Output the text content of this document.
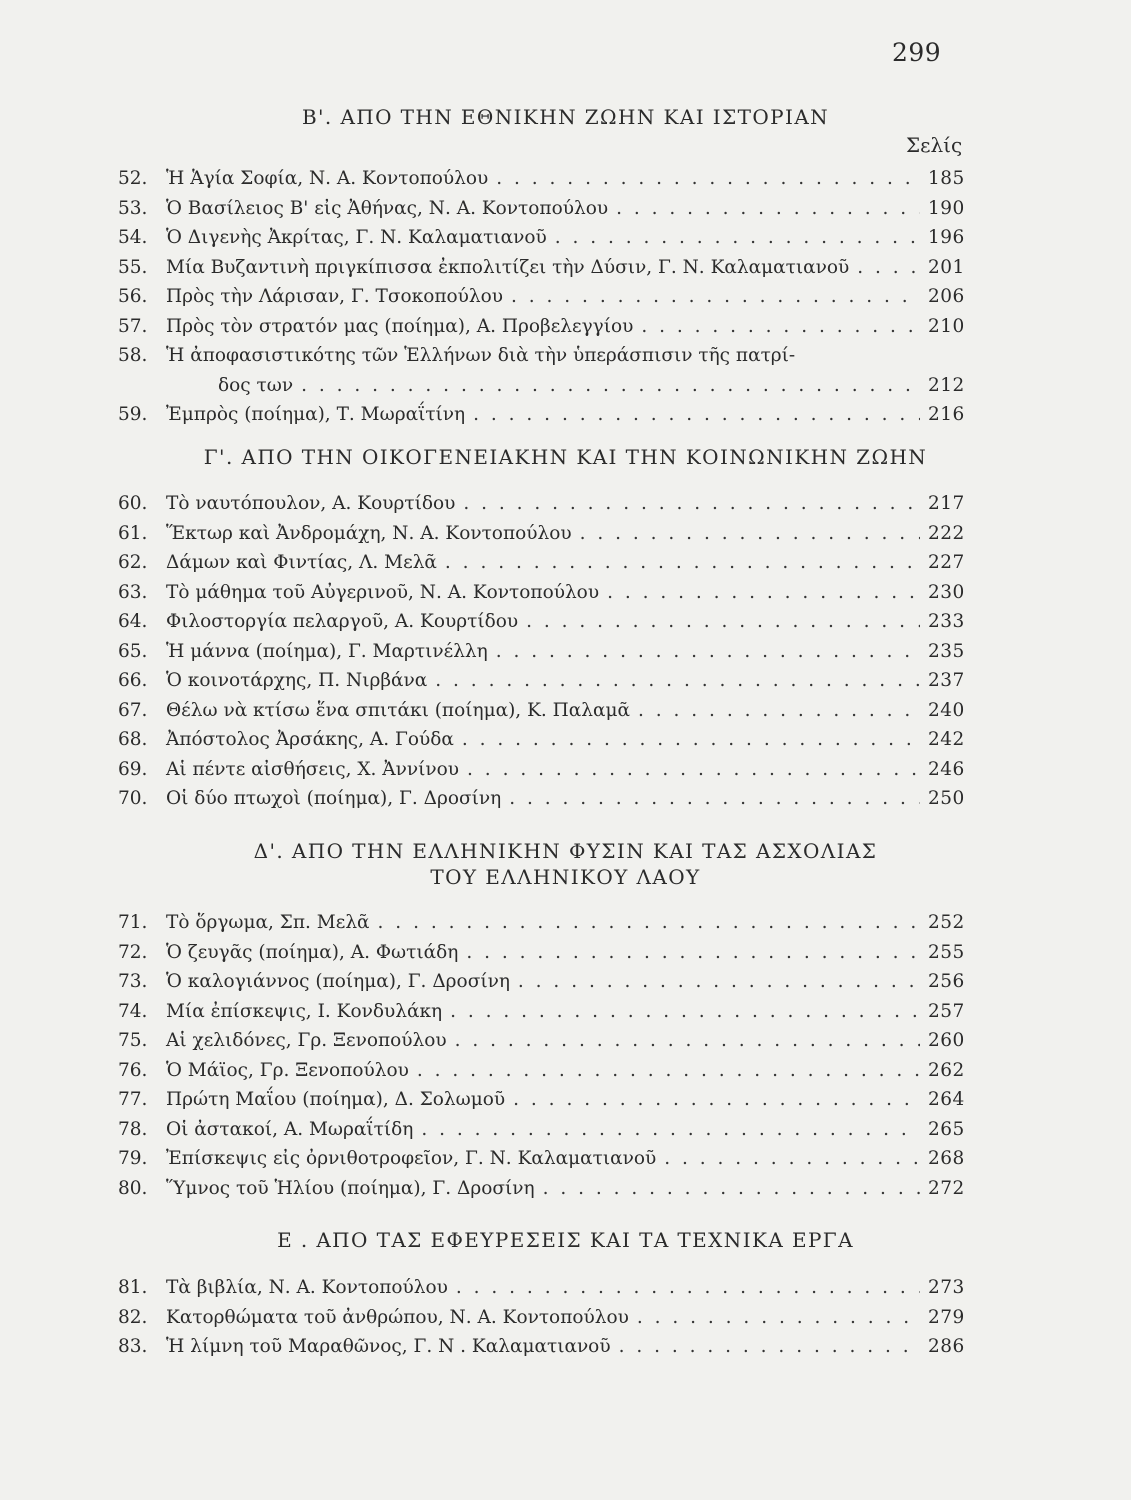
299
Β'. ΑΠΟ ΤΗΝ ΕΘΝΙΚΗΝ ΖΩΗΝ ΚΑΙ ΙΣΤΟΡΙΑΝ
Σελίς
52.	Ἡ Ἁγία Σοφία, Ν. Α. Κοντοπούλου . . .	185
53.	Ὁ Βασίλειος Β' εἰς Ἀθήνας, Ν. Α. Κοντοπούλου . . .	190
54.	Ὁ Διγενὴς Ἀκρίτας, Γ. Ν. Καλαματιανοῦ . . .	196
55.	Μία Βυζαντινὴ πριγκίπισσα ἐκπολιτίζει τὴν Δύσιν, Γ. Ν. Καλαματιανοῦ . . .	201
56.	Πρὸς τὴν Λάρισαν, Γ. Τσοκοπούλου . . .	206
57.	Πρὸς τὸν στρατόν μας (ποίημα), Α. Προβελεγγίου . . .	210
58.	Ἡ ἀποφασιστικότης τῶν Ἑλλήνων διὰ τὴν ὑπεράσπισιν τῆς πατρί-
δος των . . .	212
59.	Ἐμπρὸς (ποίημα), Τ. Μωραΐτίνη . . .	216
Γ'. ΑΠΟ ΤΗΝ ΟΙΚΟΓΕΝΕΙΑΚΗΝ ΚΑΙ ΤΗΝ ΚΟΙΝΩΝΙΚΗΝ ΖΩΗΝ
60.	Τὸ ναυτόπουλον, Α. Κουρτίδου . . .	217
61.	Ἕκτωρ καὶ Ἀνδρομάχη, Ν. Α. Κοντοπούλου . . .	222
62.	Δάμων καὶ Φιντίας, Λ. Μελᾶ . . .	227
63.	Τὸ μάθημα τοῦ Αὐγερινοῦ, Ν. Α. Κοντοπούλου . . .	230
64.	Φιλοστοργία πελαργοῦ, Α. Κουρτίδου . . .	233
65.	Ἡ μάννα (ποίημα), Γ. Μαρτινέλλη . . .	235
66.	Ὁ κοινοτάρχης, Π. Νιρβάνα . . .	237
67.	Θέλω νὰ κτίσω ἕνα σπιτάκι (ποίημα), Κ. Παλαμᾶ . . .	240
68.	Ἀπόστολος Ἀρσάκης, Α. Γούδα . . .	242
69.	Αἱ πέντε αἰσθήσεις, Χ. Ἀννίνου . . .	246
70.	Οἱ δύο πτωχοὶ (ποίημα), Γ. Δροσίνη . . .	250
Δ'. ΑΠΟ ΤΗΝ ΕΛΛΗΝΙΚΗΝ ΦΥΣΙΝ ΚΑΙ ΤΑΣ ΑΣΧΟΛΙΑΣ
ΤΟΥ ΕΛΛΗΝΙΚΟΥ ΛΑΟΥ
71.	Τὸ ὅργωμα, Σπ. Μελᾶ . . .	252
72.	Ὁ ζευγᾶς (ποίημα), Α. Φωτιάδη . . .	255
73.	Ὁ καλογιάννος (ποίημα), Γ. Δροσίνη . . .	256
74.	Μία ἐπίσκεψις, Ι. Κονδυλάκη . . .	257
75.	Αἱ χελιδόνες, Γρ. Ξενοπούλου . . .	260
76.	Ὁ Μάϊος, Γρ. Ξενοπούλου . . .	262
77.	Πρώτη Μαΐου (ποίημα), Δ. Σολωμοῦ . . .	264
78.	Οἱ ἀστακοί, Α. Μωραΐτίδη . . .	265
79.	Ἐπίσκεψις εἰς ὀρνιθοτροφεῖον, Γ. Ν. Καλαματιανοῦ . . .	268
80.	Ὕμνος τοῦ Ἡλίου (ποίημα), Γ. Δροσίνη . . .	272
Ε . ΑΠΟ ΤΑΣ ΕΦΕΥΡΕΣΕΙΣ ΚΑΙ ΤΑ ΤΕΧΝΙΚΑ ΕΡΓΑ
81.	Τὰ βιβλία, Ν. Α. Κοντοπούλου . . .	273
82.	Κατορθώματα τοῦ ἀνθρώπου, Ν. Α. Κοντοπούλου . . .	279
83.	Ἡ λίμνη τοῦ Μαραθῶνος, Γ. Ν . Καλαματιανοῦ . . .	286
